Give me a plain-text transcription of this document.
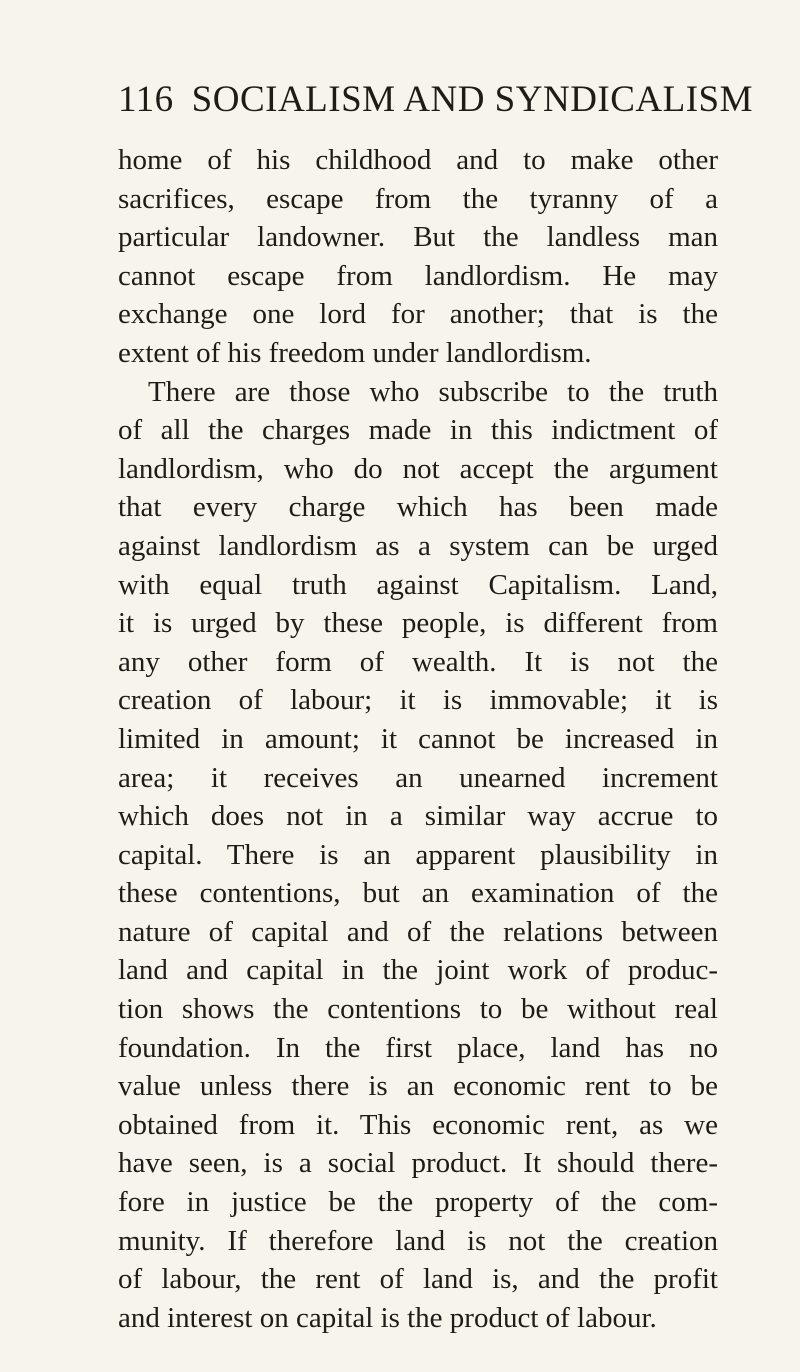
116 SOCIALISM AND SYNDICALISM
home of his childhood and to make other
sacrifices, escape from the tyranny of a
particular landowner. But the landless man
cannot escape from landlordism. He may
exchange one lord for another; that is the
extent of his freedom under landlordism.
There are those who subscribe to the truth
of all the charges made in this indictment of
landlordism, who do not accept the argument
that every charge which has been made
against landlordism as a system can be urged
with equal truth against Capitalism. Land,
it is urged by these people, is different from
any other form of wealth. It is not the
creation of labour; it is immovable; it is
limited in amount; it cannot be increased in
area; it receives an unearned increment
which does not in a similar way accrue to
capital. There is an apparent plausibility in
these contentions, but an examination of the
nature of capital and of the relations between
land and capital in the joint work of produc-
tion shows the contentions to be without real
foundation. In the first place, land has no
value unless there is an economic rent to be
obtained from it. This economic rent, as we
have seen, is a social product. It should there-
fore in justice be the property of the com-
munity. If therefore land is not the creation
of labour, the rent of land is, and the profit
and interest on capital is the product of labour.
